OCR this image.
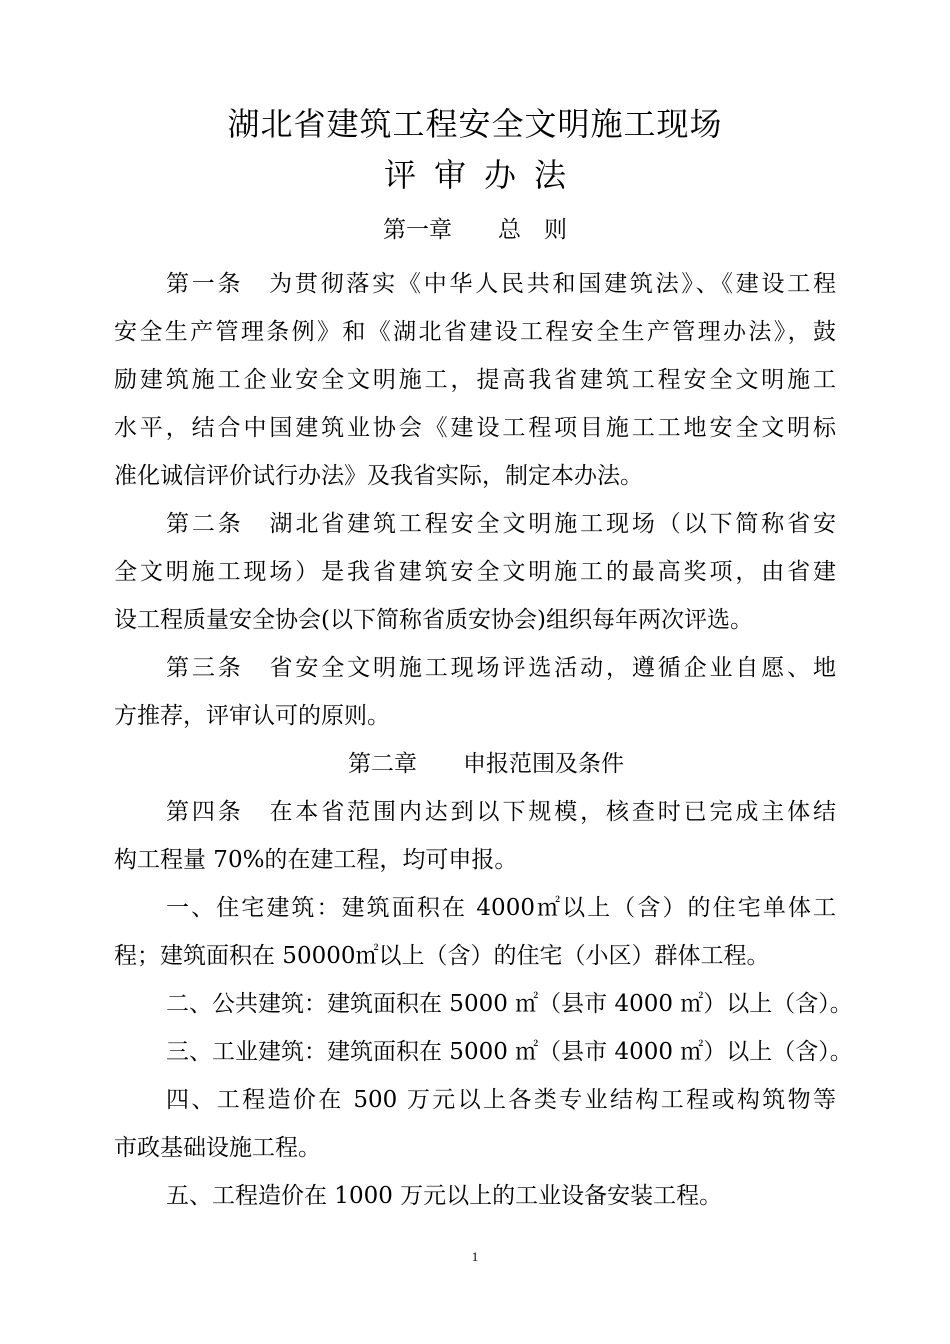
湖北省建筑工程安全文明施工现场
评审办法
第一章　　总　则
第一条　为贯彻落实《中华人民共和国建筑法》、《建设工程
安全生产管理条例》和《湖北省建设工程安全生产管理办法》，鼓
励建筑施工企业安全文明施工，提高我省建筑工程安全文明施工
水平，结合中国建筑业协会《建设工程项目施工工地安全文明标
准化诚信评价试行办法》及我省实际，制定本办法。
第二条　湖北省建筑工程安全文明施工现场（以下简称省安
全文明施工现场）是我省建筑安全文明施工的最高奖项，由省建
设工程质量安全协会(以下简称省质安协会)组织每年两次评选。
第三条　省安全文明施工现场评选活动，遵循企业自愿、地
方推荐，评审认可的原则。
第二章　　申报范围及条件
第四条　在本省范围内达到以下规模，核查时已完成主体结
构工程量 70%的在建工程，均可申报。
一、住宅建筑：建筑面积在 4000㎡以上（含）的住宅单体工
程；建筑面积在 50000㎡以上（含）的住宅（小区）群体工程。
二、公共建筑：建筑面积在 5000 ㎡（县市 4000 ㎡）以上（含）。
三、工业建筑：建筑面积在 5000 ㎡（县市 4000 ㎡）以上（含）。
四、工程造价在 500 万元以上各类专业结构工程或构筑物等
市政基础设施工程。
五、工程造价在 1000 万元以上的工业设备安装工程。
1
